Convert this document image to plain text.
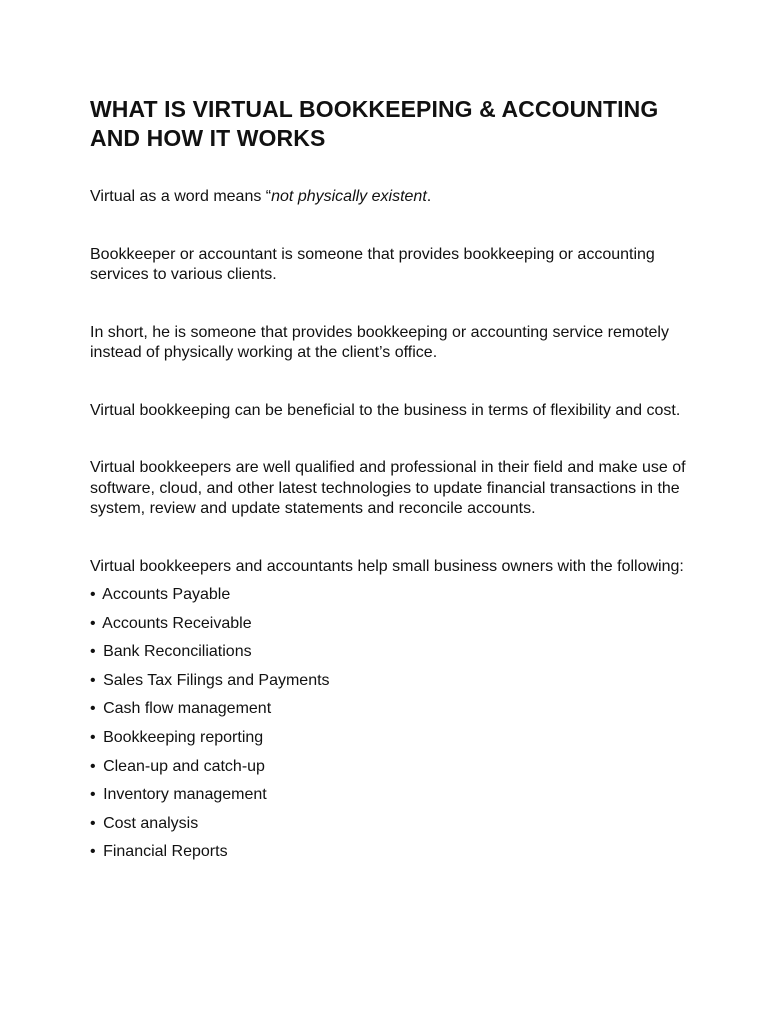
WHAT IS VIRTUAL BOOKKEEPING & ACCOUNTING AND HOW IT WORKS

Virtual as a word means “not physically existent.

Bookkeeper or accountant is someone that provides bookkeeping or accounting services to various clients.

In short, he is someone that provides bookkeeping or accounting service remotely instead of physically working at the client’s office.

Virtual bookkeeping can be beneficial to the business in terms of flexibility and cost.

Virtual bookkeepers are well qualified and professional in their field and make use of software, cloud, and other latest technologies to update financial transactions in the system, review and update statements and reconcile accounts.

Virtual bookkeepers and accountants help small business owners with the following:

• Accounts Payable
• Accounts Receivable
• Bank Reconciliations
• Sales Tax Filings and Payments
• Cash flow management
• Bookkeeping reporting
• Clean-up and catch-up
• Inventory management
• Cost analysis
• Financial Reports
